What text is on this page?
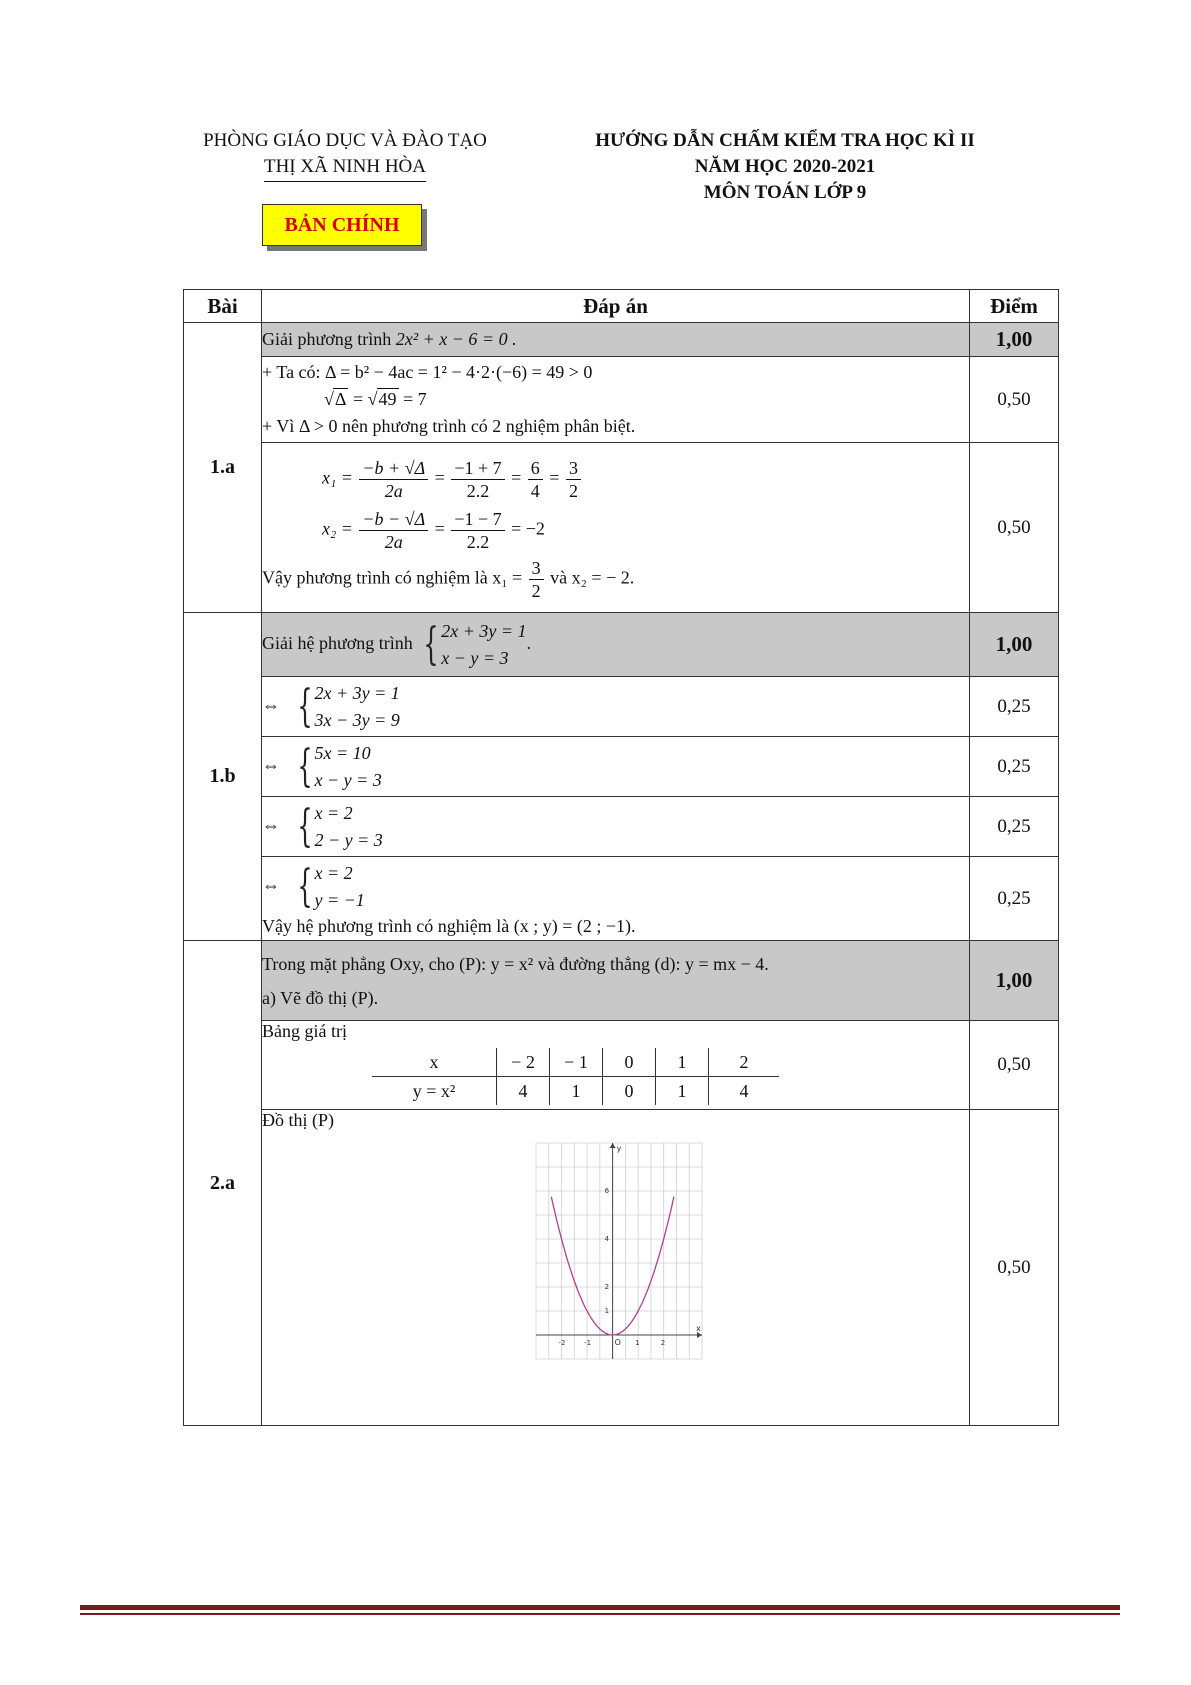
PHÒNG GIÁO DỤC VÀ ĐÀO TẠO
THỊ XÃ NINH HÒA
HƯỚNG DẪN CHẤM KIỂM TRA HỌC KÌ II
NĂM HỌC 2020-2021
MÔN TOÁN LỚP 9
BẢN CHÍNH
Bài	Đáp án	Điểm
1.a	Giải phương trình 2x² + x − 6 = 0 .	1,00

+ Ta có: Δ = b² − 4ac = 1² − 4·2·(−6) = 49 > 0
√Δ = √49 = 7
+ Vì Δ > 0 nên phương trình có 2 nghiệm phân biệt.
	0,50

$x_1 = \frac{-b + √\Delta}{2a} = \frac{-1 + 7}{2.2} = \frac{6}{4} = \frac{3}{2}$
$x_2 = \frac{-b - √\Delta}{2a} = \frac{-1 - 7}{2.2} = -2$
Vậy phương trình có nghiệm là $x_1 = \frac{3}{2}$ và x₂ = − 2.
	0,50
1.b	Giải hệ phương trình { 2x + 3y = 1
x − y = 3
.	1,00
⇔ { 2x + 3y = 1
3x − 3y = 9
	0,25
⇔ { 5x = 10
x − y = 3
	0,25
⇔ { x = 2
2 − y = 3
	0,25
⇔ { x = 2
y = −1
Vậy hệ phương trình có nghiệm là (x ; y) = (2 ; −1).
	0,25
2.a	
Trong mặt phẳng Oxy, cho (P): y = x² và đường thẳng (d): y = mx − 4.
a) Vẽ đồ thị (P).
	1,00

Bảng giá trị
x	− 2	− 1	0	1	2
y = x²	4	1	0	1	4
	0,50

Đồ thị (P)
-2	-1	1	2
1
2
4
6
O
x
y
	0,50
